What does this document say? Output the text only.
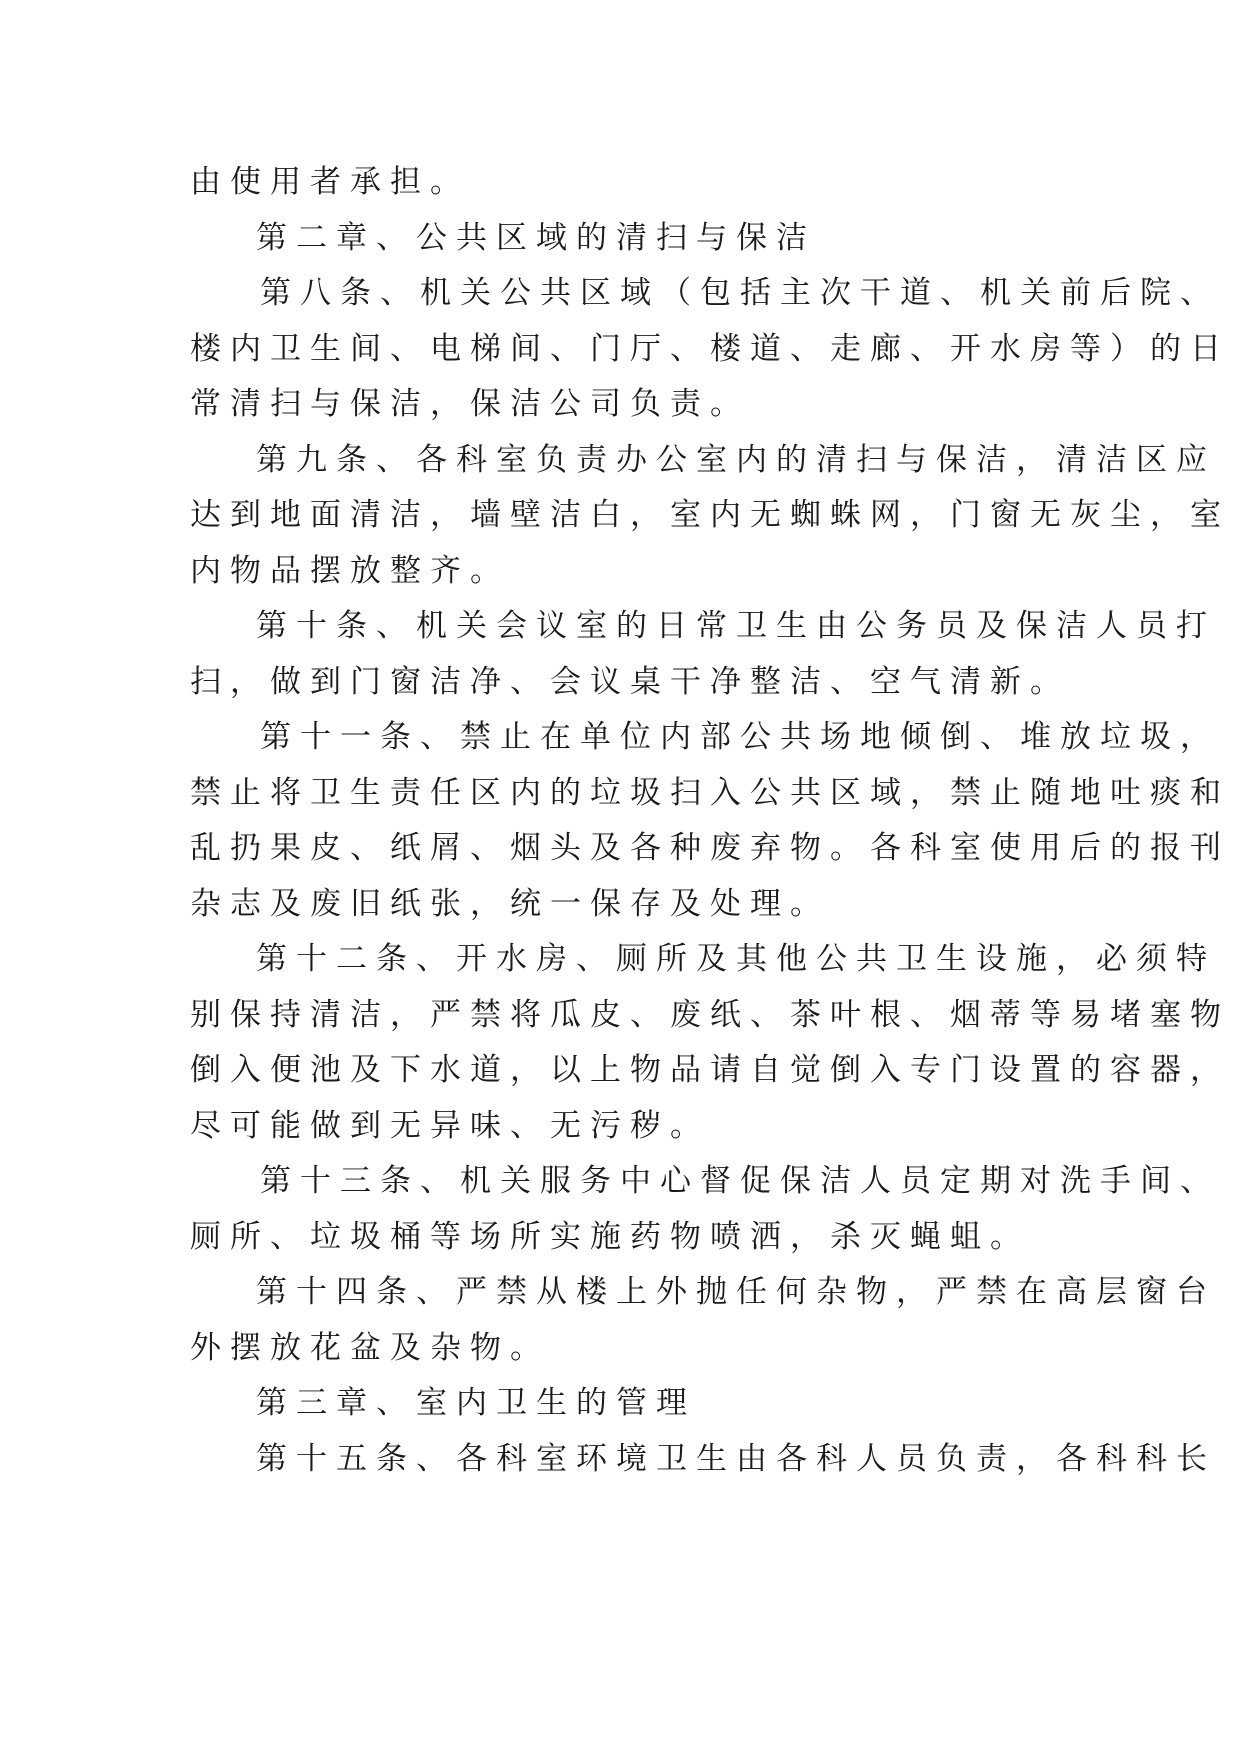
由使用者承担。
第二章、公共区域的清扫与保洁
第八条、机关公共区域（包括主次干道、机关前后院、
楼内卫生间、电梯间、门厅、楼道、走廊、开水房等）的日
常清扫与保洁，保洁公司负责。
第九条、各科室负责办公室内的清扫与保洁，清洁区应
达到地面清洁，墙壁洁白，室内无蜘蛛网，门窗无灰尘，室
内物品摆放整齐。
第十条、机关会议室的日常卫生由公务员及保洁人员打
扫，做到门窗洁净、会议桌干净整洁、空气清新。
第十一条、禁止在单位内部公共场地倾倒、堆放垃圾，
禁止将卫生责任区内的垃圾扫入公共区域，禁止随地吐痰和
乱扔果皮、纸屑、烟头及各种废弃物。各科室使用后的报刊
杂志及废旧纸张，统一保存及处理。
第十二条、开水房、厕所及其他公共卫生设施，必须特
别保持清洁，严禁将瓜皮、废纸、茶叶根、烟蒂等易堵塞物
倒入便池及下水道，以上物品请自觉倒入专门设置的容器，
尽可能做到无异味、无污秽。
第十三条、机关服务中心督促保洁人员定期对洗手间、
厕所、垃圾桶等场所实施药物喷洒，杀灭蝇蛆。
第十四条、严禁从楼上外抛任何杂物，严禁在高层窗台
外摆放花盆及杂物。
第三章、室内卫生的管理
第十五条、各科室环境卫生由各科人员负责，各科科长
